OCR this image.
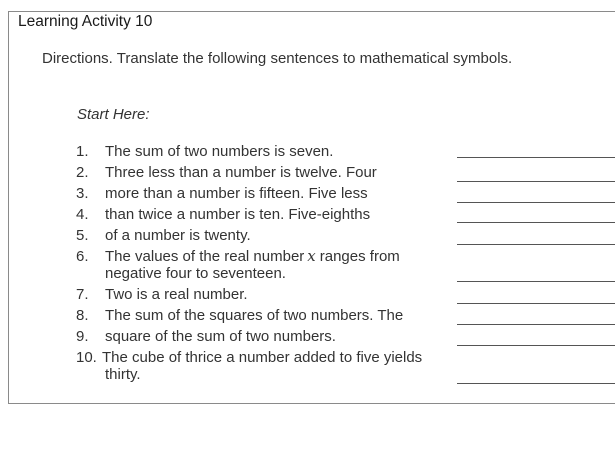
Learning Activity 10
Directions. Translate the following sentences to mathematical symbols.
Start Here:
1. The sum of two numbers is seven.
2. Three less than a number is twelve. Four
3. more than a number is fifteen. Five less
4. than twice a number is ten. Five-eighths
5. of a number is twenty.
6. The values of the real number x ranges from
negative four to seventeen.
7. Two is a real number.
8. The sum of the squares of two numbers. The
9. square of the sum of two numbers.
10. The cube of thrice a number added to five yields
thirty.
